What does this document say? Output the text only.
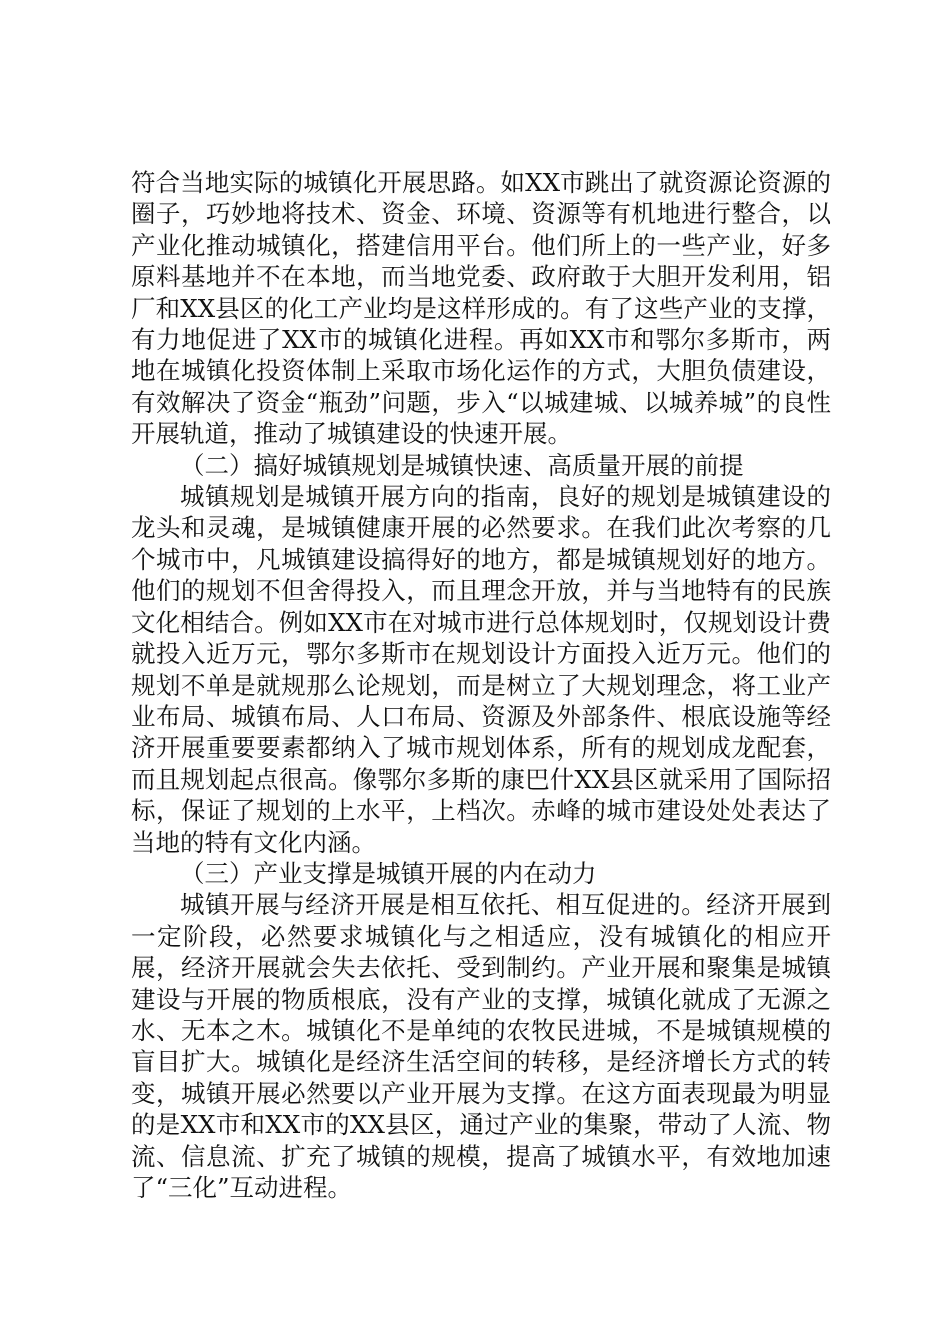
符合当地实际的城镇化开展思路。如XX市跳出了就资源论资源的圈子，巧妙地将技术、资金、环境、资源等有机地进行整合，以产业化推动城镇化，搭建信用平台。他们所上的一些产业，好多原料基地并不在本地，而当地党委、政府敢于大胆开发利用，铝厂和XX县区的化工产业均是这样形成的。有了这些产业的支撑，有力地促进了XX市的城镇化进程。再如XX市和鄂尔多斯市，两地在城镇化投资体制上采取市场化运作的方式，大胆负债建设，有效解决了资金“瓶劲”问题，步入“以城建城、以城养城”的良性开展轨道，推动了城镇建设的快速开展。

（二）搞好城镇规划是城镇快速、高质量开展的前提

城镇规划是城镇开展方向的指南，良好的规划是城镇建设的龙头和灵魂，是城镇健康开展的必然要求。在我们此次考察的几个城市中，凡城镇建设搞得好的地方，都是城镇规划好的地方。他们的规划不但舍得投入，而且理念开放，并与当地特有的民族文化相结合。例如XX市在对城市进行总体规划时，仅规划设计费就投入近万元，鄂尔多斯市在规划设计方面投入近万元。他们的规划不单是就规那么论规划，而是树立了大规划理念，将工业产业布局、城镇布局、人口布局、资源及外部条件、根底设施等经济开展重要要素都纳入了城市规划体系，所有的规划成龙配套，而且规划起点很高。像鄂尔多斯的康巴什XX县区就采用了国际招标，保证了规划的上水平，上档次。赤峰的城市建设处处表达了当地的特有文化内涵。

（三）产业支撑是城镇开展的内在动力

城镇开展与经济开展是相互依托、相互促进的。经济开展到一定阶段，必然要求城镇化与之相适应，没有城镇化的相应开展，经济开展就会失去依托、受到制约。产业开展和聚集是城镇建设与开展的物质根底，没有产业的支撑，城镇化就成了无源之水、无本之木。城镇化不是单纯的农牧民进城，不是城镇规模的盲目扩大。城镇化是经济生活空间的转移，是经济增长方式的转变，城镇开展必然要以产业开展为支撑。在这方面表现最为明显的是XX市和XX市的XX县区，通过产业的集聚，带动了人流、物流、信息流、扩充了城镇的规模，提高了城镇水平，有效地加速了“三化”互动进程。
